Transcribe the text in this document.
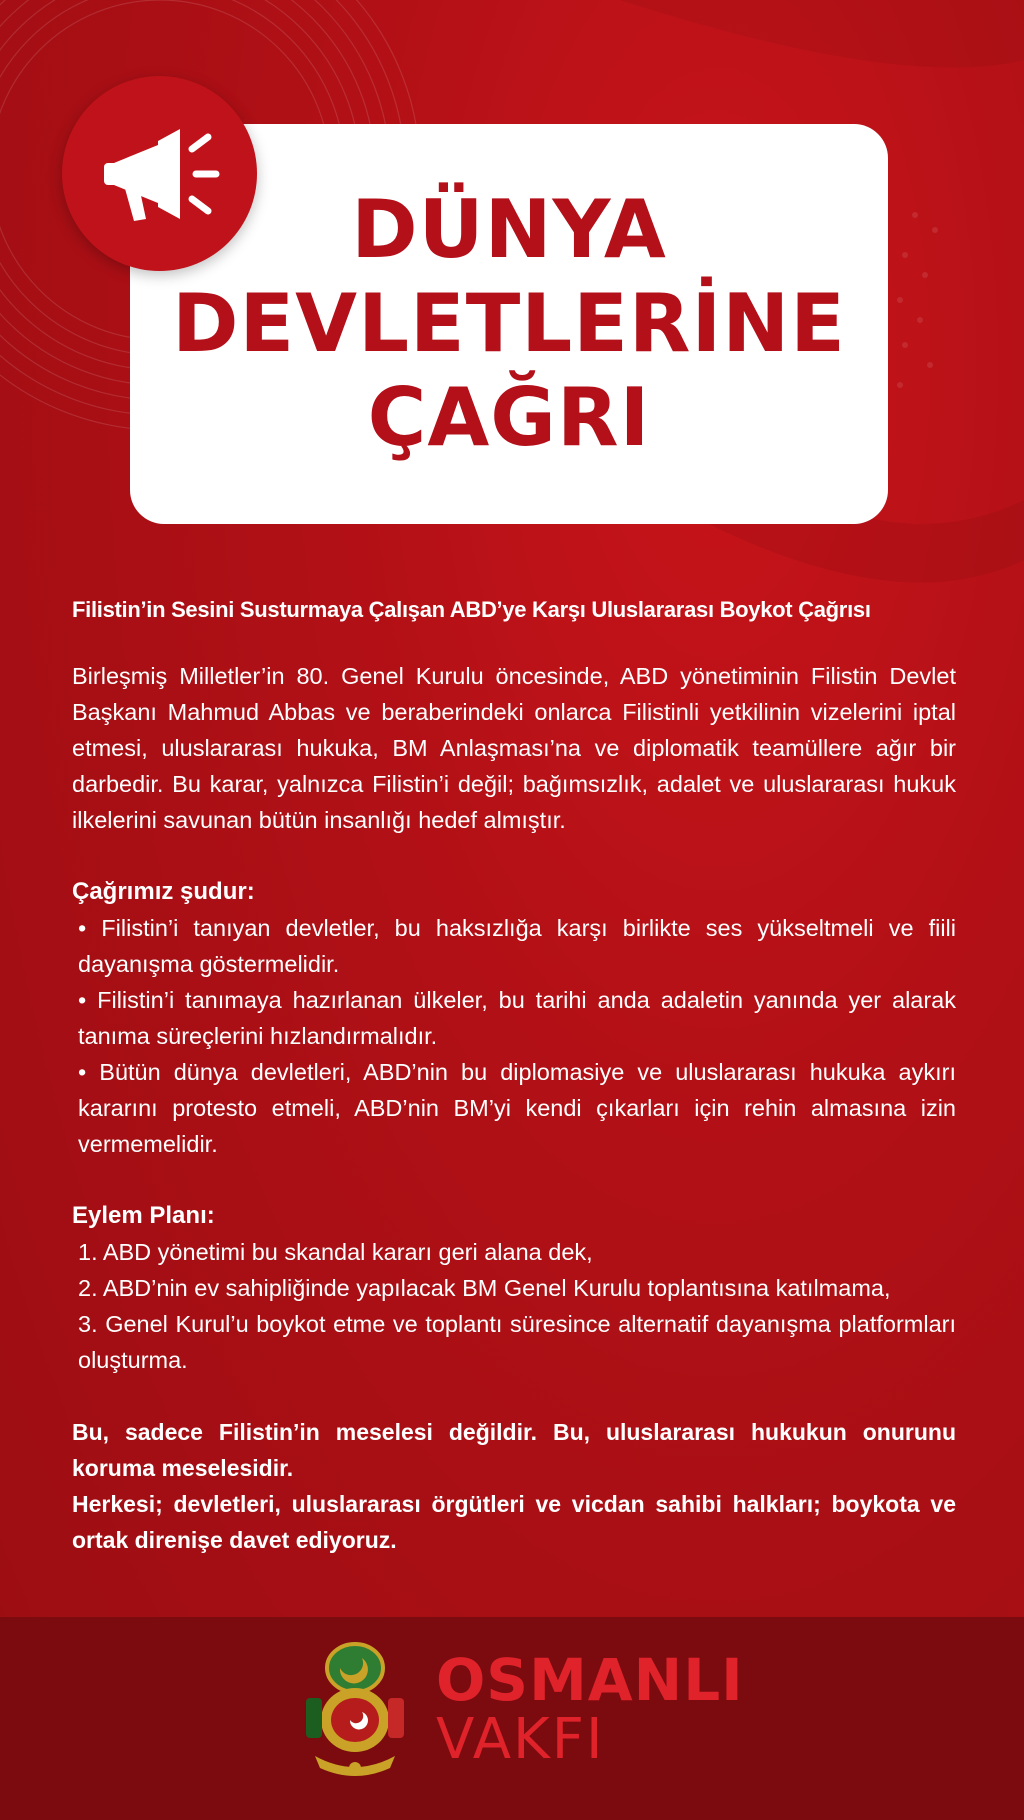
DÜNYA
DEVLETLERİNE
ÇAĞRI

Filistin’in Sesini Susturmaya Çalışan ABD’ye Karşı Uluslararası Boykot Çağrısı

Birleşmiş Milletler’in 80. Genel Kurulu öncesinde, ABD yönetiminin Filistin Devlet Başkanı Mahmud Abbas ve beraberindeki onlarca Filistinli yetkilinin vizelerini iptal etmesi, uluslararası hukuka, BM Anlaşması’na ve diplomatik teamüllere ağır bir darbedir. Bu karar, yalnızca Filistin’i değil; bağımsızlık, adalet ve uluslararası hukuk ilkelerini savunan bütün insanlığı hedef almıştır.

Çağrımız şudur:

• Filistin’i tanıyan devletler, bu haksızlığa karşı birlikte ses yükseltmeli ve fiili dayanışma göstermelidir.

• Filistin’i tanımaya hazırlanan ülkeler, bu tarihi anda adaletin yanında yer alarak tanıma süreçlerini hızlandırmalıdır.

• Bütün dünya devletleri, ABD’nin bu diplomasiye ve uluslararası hukuka aykırı kararını protesto etmeli, ABD’nin BM’yi kendi çıkarları için rehin almasına izin vermemelidir.

Eylem Planı:

1. ABD yönetimi bu skandal kararı geri alana dek,

2. ABD’nin ev sahipliğinde yapılacak BM Genel Kurulu toplantısına katılmama,

3. Genel Kurul’u boykot etme ve toplantı süresince alternatif dayanışma platformları oluşturma.

Bu, sadece Filistin’in meselesi değildir. Bu, uluslararası hukukun onurunu koruma meselesidir.

Herkesi; devletleri, uluslararası örgütleri ve vicdan sahibi halkları; boykota ve ortak direnişe davet ediyoruz.

OSMANLI
VAKFI
